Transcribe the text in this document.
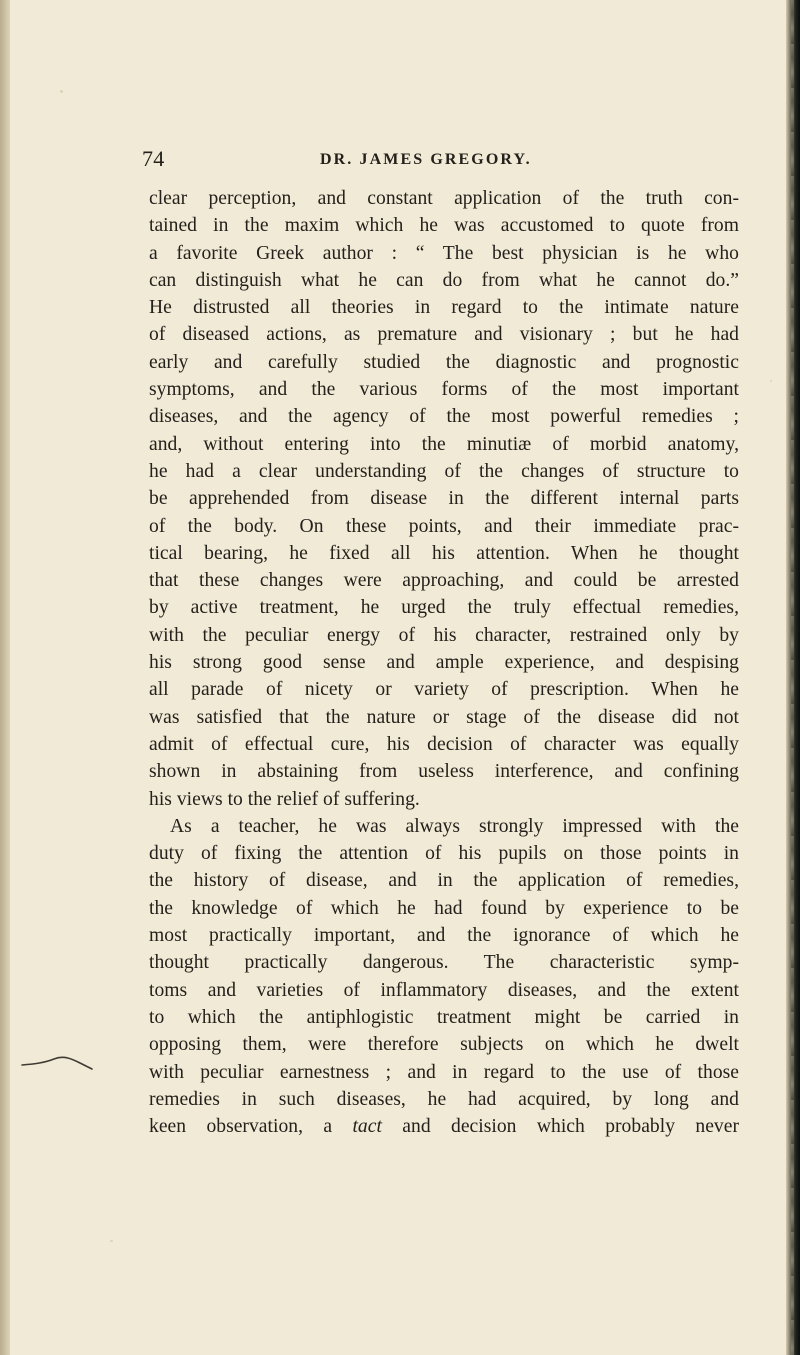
74	DR. JAMES GREGORY.
clear perception, and constant application of the truth con-
tained in the maxim which he was accustomed to quote from
a favorite Greek author : “ The best physician is he who
can distinguish what he can do from what he cannot do.”
He distrusted all theories in regard to the intimate nature
of diseased actions, as premature and visionary ; but he had
early and carefully studied the diagnostic and prognostic
symptoms, and the various forms of the most important
diseases, and the agency of the most powerful remedies ;
and, without entering into the minutiæ of morbid anatomy,
he had a clear understanding of the changes of structure to
be apprehended from disease in the different internal parts
of the body. On these points, and their immediate prac-
tical bearing, he fixed all his attention. When he thought
that these changes were approaching, and could be arrested
by active treatment, he urged the truly effectual remedies,
with the peculiar energy of his character, restrained only by
his strong good sense and ample experience, and despising
all parade of nicety or variety of prescription. When he
was satisfied that the nature or stage of the disease did not
admit of effectual cure, his decision of character was equally
shown in abstaining from useless interference, and confining
his views to the relief of suffering.
As a teacher, he was always strongly impressed with the
duty of fixing the attention of his pupils on those points in
the history of disease, and in the application of remedies,
the knowledge of which he had found by experience to be
most practically important, and the ignorance of which he
thought practically dangerous. The characteristic symp-
toms and varieties of inflammatory diseases, and the extent
to which the antiphlogistic treatment might be carried in
opposing them, were therefore subjects on which he dwelt
with peculiar earnestness ; and in regard to the use of those
remedies in such diseases, he had acquired, by long and
keen observation, a tact and decision which probably never
